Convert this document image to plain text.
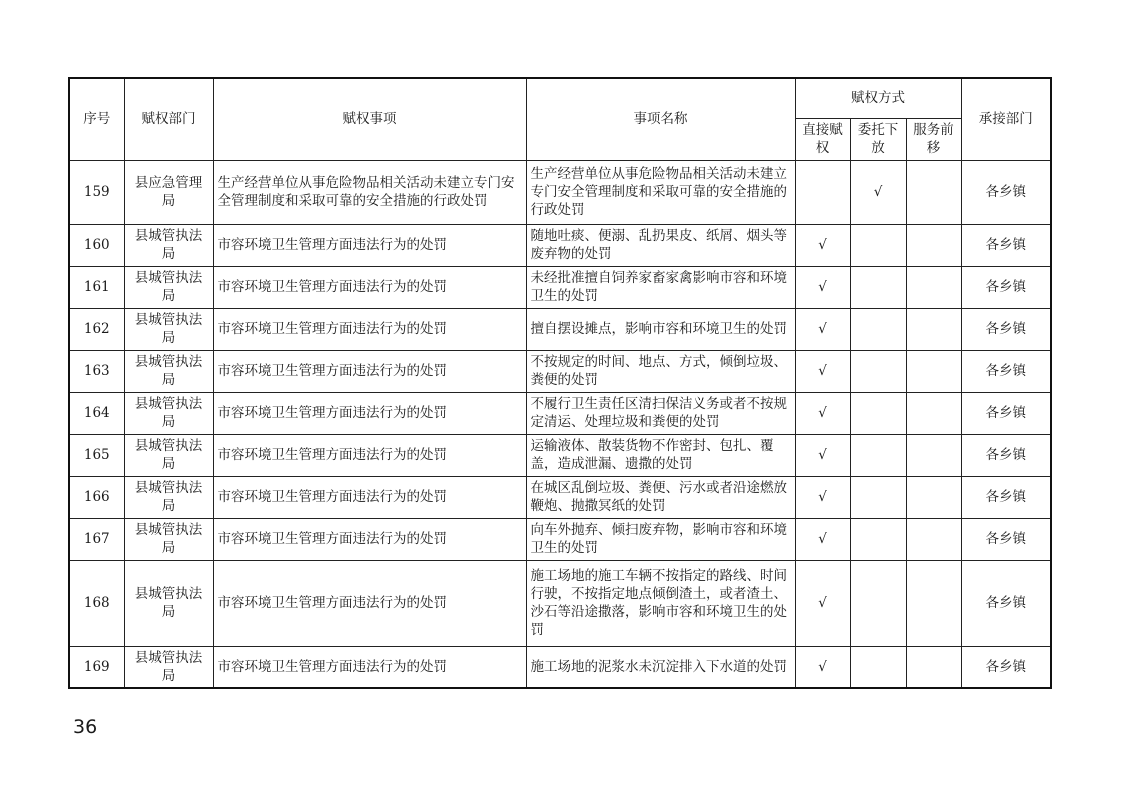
序号	赋权部门	赋权事项	事项名称	赋权方式			承接部门
				直接赋权	委托下放	服务前移	
159	县应急管理局	生产经营单位从事危险物品相关活动未建立专门安全管理制度和采取可靠的安全措施的行政处罚	生产经营单位从事危险物品相关活动未建立专门安全管理制度和采取可靠的安全措施的行政处罚		√		各乡镇
160	县城管执法局	市容环境卫生管理方面违法行为的处罚	随地吐痰、便溺、乱扔果皮、纸屑、烟头等废弃物的处罚	√			各乡镇
161	县城管执法局	市容环境卫生管理方面违法行为的处罚	未经批准擅自饲养家畜家禽影响市容和环境卫生的处罚	√			各乡镇
162	县城管执法局	市容环境卫生管理方面违法行为的处罚	擅自摆设摊点，影响市容和环境卫生的处罚	√			各乡镇
163	县城管执法局	市容环境卫生管理方面违法行为的处罚	不按规定的时间、地点、方式，倾倒垃圾、粪便的处罚	√			各乡镇
164	县城管执法局	市容环境卫生管理方面违法行为的处罚	不履行卫生责任区清扫保洁义务或者不按规定清运、处理垃圾和粪便的处罚	√			各乡镇
165	县城管执法局	市容环境卫生管理方面违法行为的处罚	运输液体、散装货物不作密封、包扎、覆盖，造成泄漏、遗撒的处罚	√			各乡镇
166	县城管执法局	市容环境卫生管理方面违法行为的处罚	在城区乱倒垃圾、粪便、污水或者沿途燃放鞭炮、抛撒冥纸的处罚	√			各乡镇
167	县城管执法局	市容环境卫生管理方面违法行为的处罚	向车外抛弃、倾扫废弃物，影响市容和环境卫生的处罚	√			各乡镇
168	县城管执法局	市容环境卫生管理方面违法行为的处罚	施工场地的施工车辆不按指定的路线、时间行驶，不按指定地点倾倒渣土，或者渣土、沙石等沿途撒落，影响市容和环境卫生的处罚	√			各乡镇
169	县城管执法局	市容环境卫生管理方面违法行为的处罚	施工场地的泥浆水未沉淀排入下水道的处罚	√			各乡镇
36
